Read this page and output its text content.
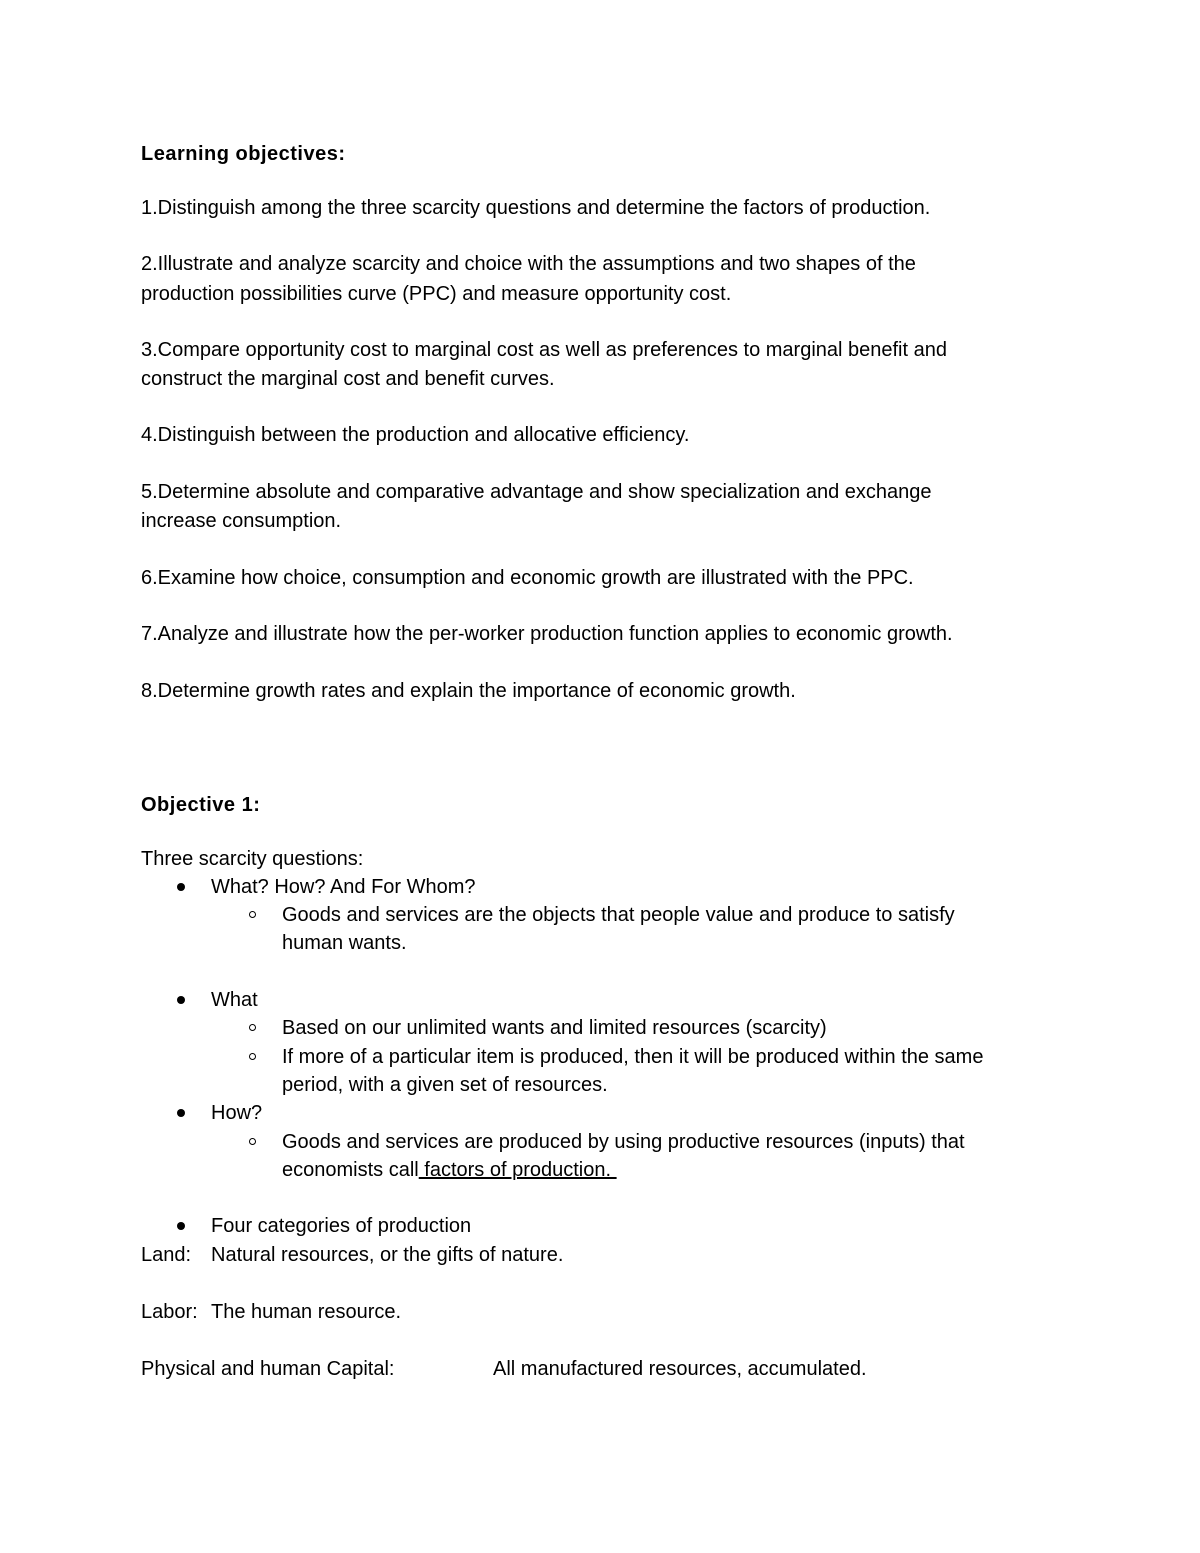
Learning objectives:
1.Distinguish among the three scarcity questions and determine the factors of production.
2.Illustrate and analyze scarcity and choice with the assumptions and two shapes of the
production possibilities curve (PPC) and measure opportunity cost.
3.Compare opportunity cost to marginal cost as well as preferences to marginal benefit and
construct the marginal cost and benefit curves.
4.Distinguish between the production and allocative efficiency.
5.Determine absolute and comparative advantage and show specialization and exchange
increase consumption.
6.Examine how choice, consumption and economic growth are illustrated with the PPC.
7.Analyze and illustrate how the per-worker production function applies to economic growth.
8.Determine growth rates and explain the importance of economic growth.
Objective 1:
Three scarcity questions:
What? How? And For Whom?
Goods and services are the objects that people value and produce to satisfy
human wants.
What
Based on our unlimited wants and limited resources (scarcity)
If more of a particular item is produced, then it will be produced within the same
period, with a given set of resources.
How?
Goods and services are produced by using productive resources (inputs) that
economists call factors of production.
Four categories of production
Land: Natural resources, or the gifts of nature.
Labor: The human resource.
Physical and human Capital:	All manufactured resources, accumulated.
